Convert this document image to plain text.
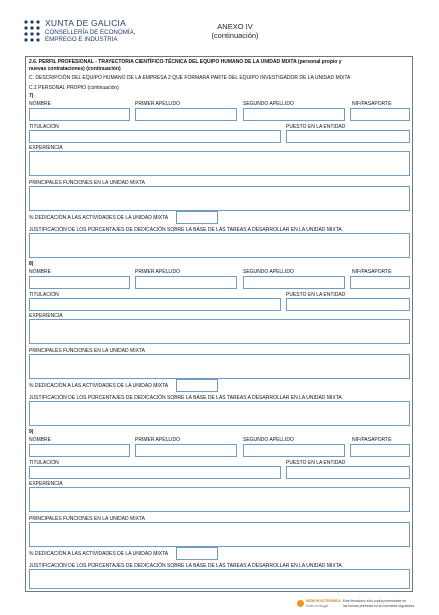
XUNTA DE GALICIA
CONSELLERÍA DE ECONOMÍA,
EMPREGO E INDUSTRIA
ANEXO IV
(continuación)
2.6. PERFIL PROFESIONAL - TRAYECTORIA CIENTÍFICO-TÉCNICA DEL EQUIPO HUMANO DE LA UNIDAD MIXTA (personal propio y
nuevas contrataciones) (continuación)
C. DESCRIPCIÓN DEL EQUIPO HUMANO DE LA EMPRESA 2 QUE FORMARÁ PARTE DEL EQUIPO INVESTIGADOR DE LA UNIDAD MIXTA
C.1 PERSONAL PROPIO (continuación)
7)
NOMBRE	PRIMER APELLIDO	SEGUNDO APELLIDO	NIF/PASAPORTE
TITULACIÓN	PUESTO EN LA ENTIDAD
EXPERIENCIA
PRINCIPALES FUNCIONES EN LA UNIDAD MIXTA
% DEDICACIÓN A LAS ACTIVIDADES DE LA UNIDAD MIXTA
JUSTIFICACIÓN DE LOS PORCENTAJES DE DEDICACIÓN SOBRE LA BASE DE LAS TAREAS A DESARROLLAR EN LA UNIDAD MIXTA
8)
NOMBRE	PRIMER APELLIDO	SEGUNDO APELLIDO	NIF/PASAPORTE
TITULACIÓN	PUESTO EN LA ENTIDAD
EXPERIENCIA
PRINCIPALES FUNCIONES EN LA UNIDAD MIXTA
% DEDICACIÓN A LAS ACTIVIDADES DE LA UNIDAD MIXTA
JUSTIFICACIÓN DE LOS PORCENTAJES DE DEDICACIÓN SOBRE LA BASE DE LAS TAREAS A DESARROLLAR EN LA UNIDAD MIXTA
9)
NOMBRE	PRIMER APELLIDO	SEGUNDO APELLIDO	NIF/PASAPORTE
TITULACIÓN	PUESTO EN LA ENTIDAD
EXPERIENCIA
PRINCIPALES FUNCIONES EN LA UNIDAD MIXTA
% DEDICACIÓN A LAS ACTIVIDADES DE LA UNIDAD MIXTA
JUSTIFICACIÓN DE LOS PORCENTAJES DE DEDICACIÓN SOBRE LA BASE DE LAS TAREAS A DESARROLLAR EN LA UNIDAD MIXTA
SEDE ELECTRÓNICA
sede.xunta.gal
Este formulario sólo podrá presentarse en
las formas previstas en la normativa reguladora
